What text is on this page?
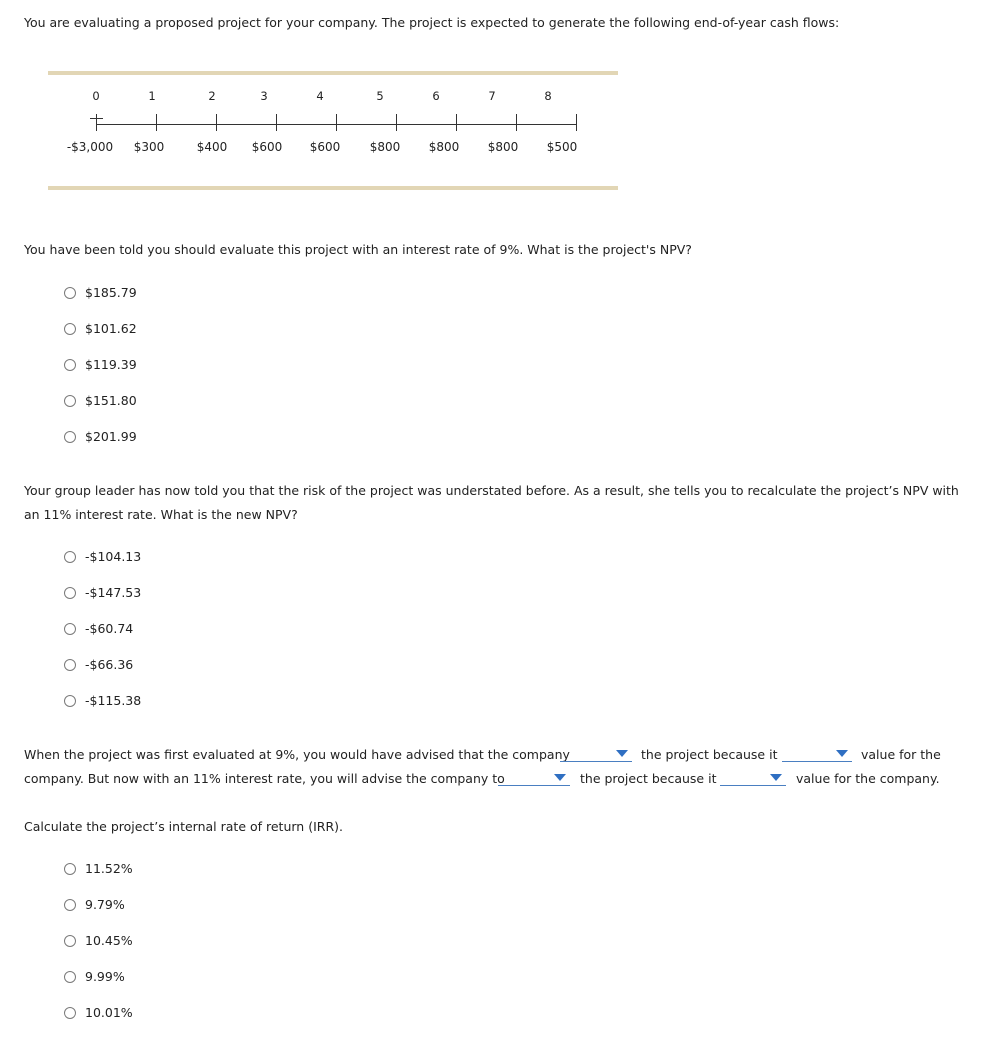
You are evaluating a proposed project for your company. The project is expected to generate the following end-of-year cash flows:
0	1	2	3	4	5	6	7	8
-$3,000 $300	$400 $600 $600 $800 $800 $800 $500
You have been told you should evaluate this project with an interest rate of 9%. What is the project's NPV?
$185.79
$101.62
$119.39
$151.80
$201.99
Your group leader has now told you that the risk of the project was understated before. As a result, she tells you to recalculate the project’s NPV with
an 11% interest rate. What is the new NPV?
-$104.13
-$147.53
-$60.74
-$66.36
-$115.38
When the project was first evaluated at 9%, you would have advised that the company	the project because it	value for the
company. But now with an 11% interest rate, you will advise the company to	the project because it	value for the company.
Calculate the project’s internal rate of return (IRR).
11.52%
9.79%
10.45%
9.99%
10.01%
